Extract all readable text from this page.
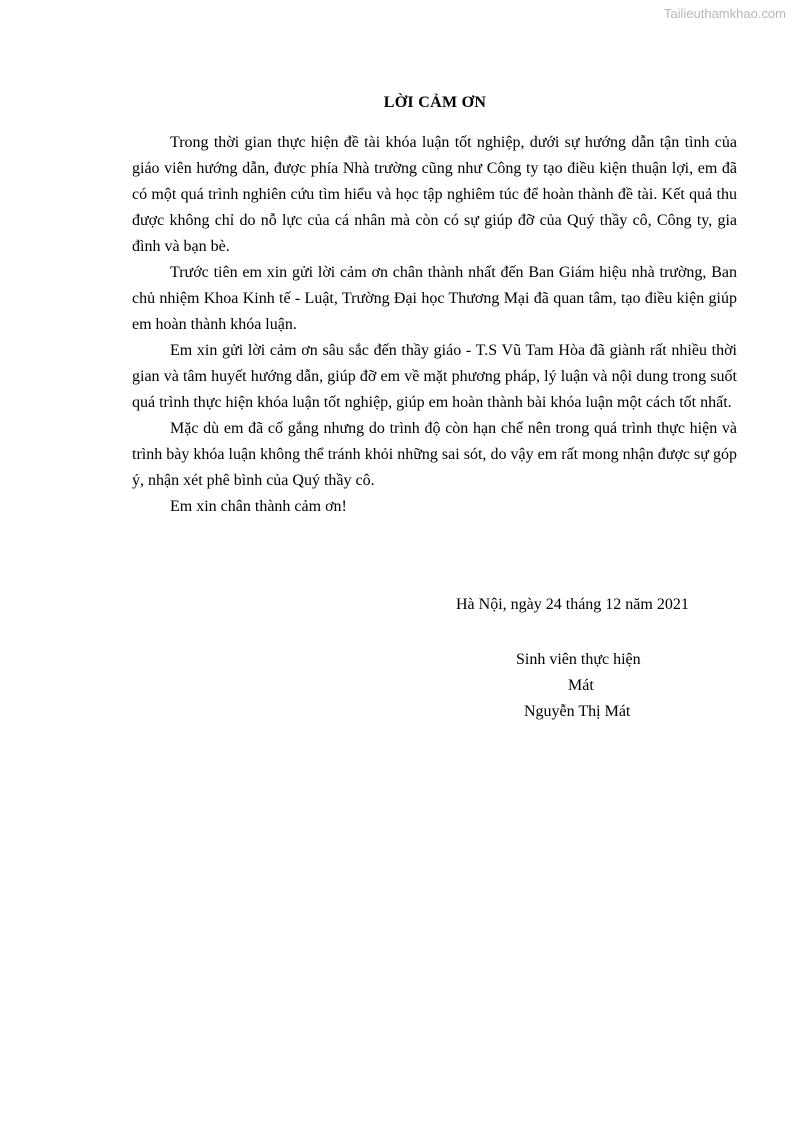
Tailieuthamkhao.com
LỜI CẢM ƠN

Trong thời gian thực hiện đề tài khóa luận tốt nghiệp, dưới sự hướng dẫn tận tình của giáo viên hướng dẫn, được phía Nhà trường cũng như Công ty tạo điều kiện thuận lợi, em đã có một quá trình nghiên cứu tìm hiểu và học tập nghiêm túc để hoàn thành đề tài. Kết quả thu được không chỉ do nỗ lực của cá nhân mà còn có sự giúp đỡ của Quý thầy cô, Công ty, gia đình và bạn bè.

Trước tiên em xin gửi lời cảm ơn chân thành nhất đến Ban Giám hiệu nhà trường, Ban chủ nhiệm Khoa Kinh tế - Luật, Trường Đại học Thương Mại đã quan tâm, tạo điều kiện giúp em hoàn thành khóa luận.

Em xin gửi lời cảm ơn sâu sắc đến thầy giáo - T.S Vũ Tam Hòa đã giành rất nhiều thời gian và tâm huyết hướng dẫn, giúp đỡ em về mặt phương pháp, lý luận và nội dung trong suốt quá trình thực hiện khóa luận tốt nghiệp, giúp em hoàn thành bài khóa luận một cách tốt nhất.

Mặc dù em đã cố gắng nhưng do trình độ còn hạn chế nên trong quá trình thực hiện và trình bày khóa luận không thể tránh khỏi những sai sót, do vậy em rất mong nhận được sự góp ý, nhận xét phê bình của Quý thầy cô.

Em xin chân thành cảm ơn!

Hà Nội, ngày 24 tháng 12 năm 2021
Sinh viên thực hiện
Mát
Nguyễn Thị Mát
